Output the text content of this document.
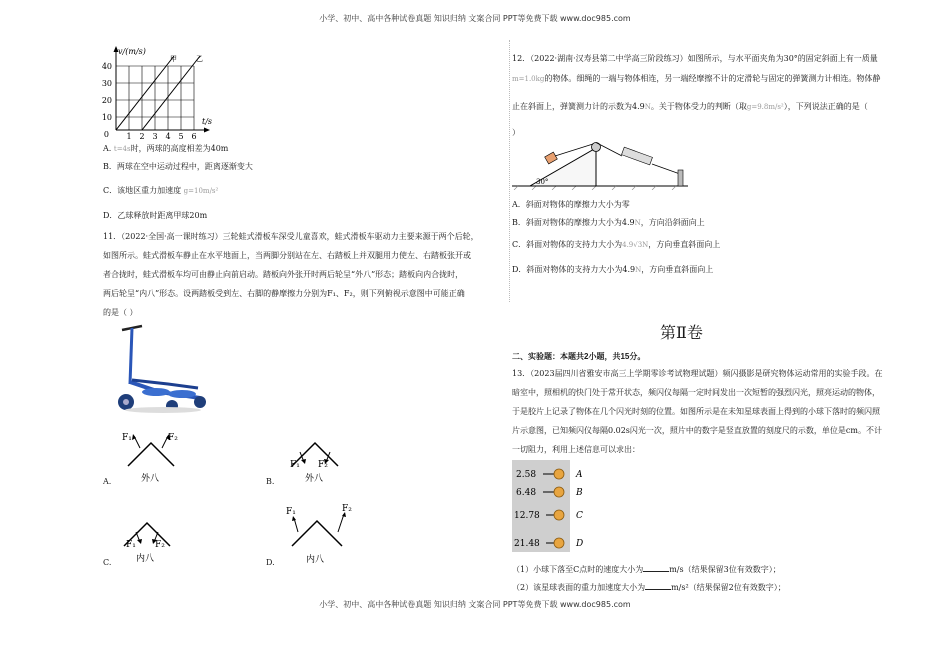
小学、初中、高中各种试卷真题 知识归纳 文案合同 PPT等免费下载 www.doc985.com
小学、初中、高中各种试卷真题 知识归纳 文案合同 PPT等免费下载 www.doc985.com
v/(m/s)
t/s
40
30
20
10
0 1 2 3 4 5 6
甲	乙
A. t=4s时，两球的高度相差为40m
B．两球在空中运动过程中，距离逐渐变大
C．该地区重力加速度 g=10m/s²
D．乙球释放时距离甲球20m
11．（2022·全国·高一课时练习）三轮蛙式滑板车深受儿童喜欢，蛙式滑板车驱动力主要来源于两个后轮，
如图所示。蛙式滑板车静止在水平地面上，当两脚分别站在左、右踏板上并双腿用力使左、右踏板张开或
者合拢时，蛙式滑板车均可由静止向前启动。踏板向外张开时两后轮呈“外八”形态；踏板向内合拢时，
两后轮呈“内八”形态。设两踏板受到左、右脚的静摩擦力分别为F₁、F₂，则下列俯视示意图中可能正确
的是（ ）
A.
F₁	F₂
外八	B.
F₁ F₂
外八
C.
F₁ F₂
内八	D.
F₁	F₂
内八
12．（2022·湖南·汉寿县第二中学高三阶段练习）如图所示，与水平面夹角为30°的固定斜面上有一质量
m=1.0kg的物体。细绳的一端与物体相连，另一端经摩擦不计的定滑轮与固定的弹簧测力计相连。物体静
止在斜面上，弹簧测力计的示数为4.9N。关于物体受力的判断（取g=9.8m/s²），下列说法正确的是（
）
30°
A．斜面对物体的摩擦力大小为零
B．斜面对物体的摩擦力大小为4.9N，方向沿斜面向上
C．斜面对物体的支持力大小为4.9√3N，方向垂直斜面向上
D．斜面对物体的支持力大小为4.9N，方向垂直斜面向上
第Ⅱ卷
二、实验题：本题共2小题，共15分。
13．（2023届四川省雅安市高三上学期零诊考试物理试题）频闪摄影是研究物体运动常用的实验手段。在
暗室中，照相机的快门处于常开状态，频闪仪每隔一定时间发出一次短暂的强烈闪光，照亮运动的物体，
于是胶片上记录了物体在几个闪光时刻的位置。如图所示是在未知星球表面上得到的小球下落时的频闪照
片示意图，已知频闪仪每隔0.02s闪光一次，照片中的数字是竖直放置的刻度尺的示数，单位是cm。不计
一切阻力，利用上述信息可以求出：
2.58
6.48
12.78
21.48
A
B
C
D
（1）小球下落至C点时的速度大小为	m/s（结果保留3位有效数字）；
（2）该星球表面的重力加速度大小为	m/s²（结果保留2位有效数字）；
